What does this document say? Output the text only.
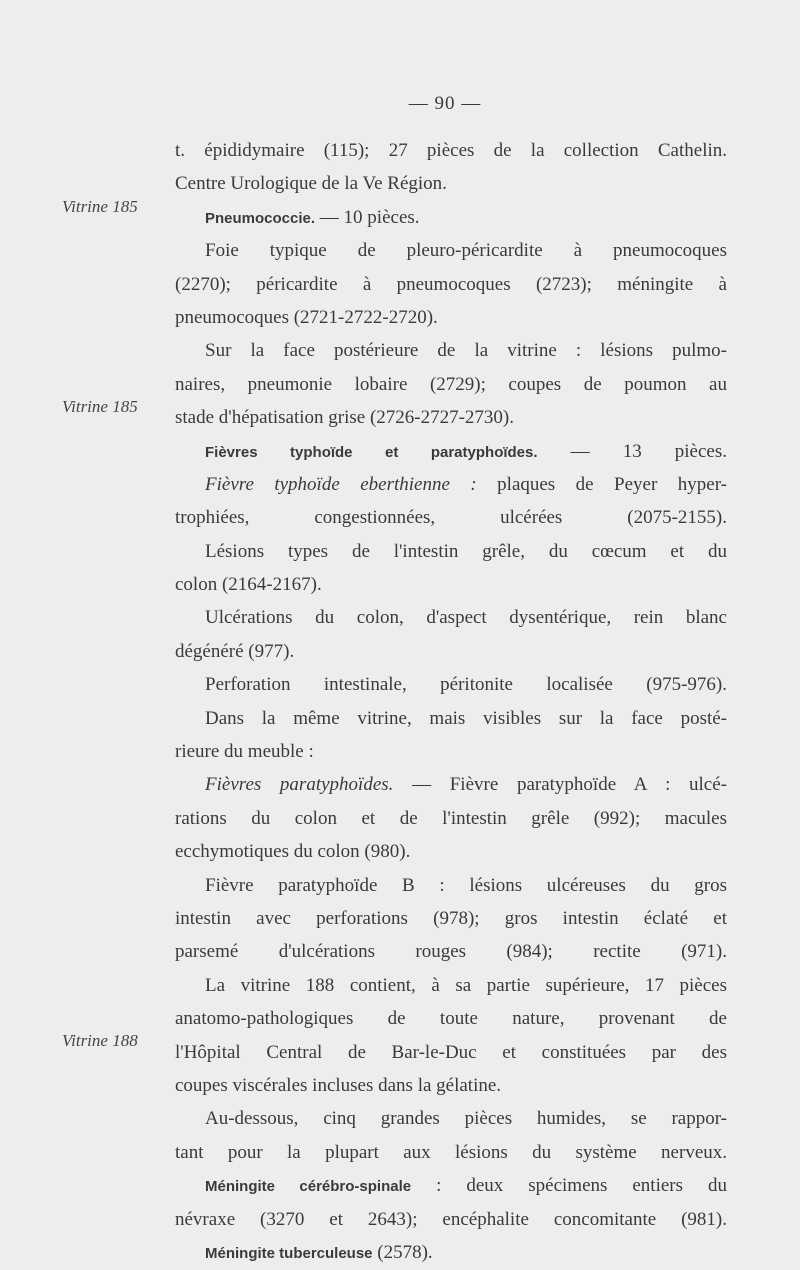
— 90 —
Vitrine 185
Vitrine 185
Vitrine 188
t. épididymaire (115); 27 pièces de la collection Cathelin.
Centre Urologique de la Ve Région.
Pneumococcie. — 10 pièces.
Foie typique de pleuro-péricardite à pneumocoques
(2270); péricardite à pneumocoques (2723); méningite à
pneumocoques (2721-2722-2720).
Sur la face postérieure de la vitrine : lésions pulmo-
naires, pneumonie lobaire (2729); coupes de poumon au
stade d'hépatisation grise (2726-2727-2730).
Fièvres typhoïde et paratyphoïdes. — 13 pièces.
Fièvre typhoïde eberthienne : plaques de Peyer hyper-
trophiées, congestionnées, ulcérées (2075-2155).
Lésions types de l'intestin grêle, du cœcum et du
colon (2164-2167).
Ulcérations du colon, d'aspect dysentérique, rein blanc
dégénéré (977).
Perforation intestinale, péritonite localisée (975-976).
Dans la même vitrine, mais visibles sur la face posté-
rieure du meuble :
Fièvres paratyphoïdes. — Fièvre paratyphoïde A : ulcé-
rations du colon et de l'intestin grêle (992); macules
ecchymotiques du colon (980).
Fièvre paratyphoïde B : lésions ulcéreuses du gros
intestin avec perforations (978); gros intestin éclaté et
parsemé d'ulcérations rouges (984); rectite (971).
La vitrine 188 contient, à sa partie supérieure, 17 pièces
anatomo-pathologiques de toute nature, provenant de
l'Hôpital Central de Bar-le-Duc et constituées par des
coupes viscérales incluses dans la gélatine.
Au-dessous, cinq grandes pièces humides, se rappor-
tant pour la plupart aux lésions du système nerveux.
Méningite cérébro-spinale : deux spécimens entiers du
névraxe (3270 et 2643); encéphalite concomitante (981).
Méningite tuberculeuse (2578).
